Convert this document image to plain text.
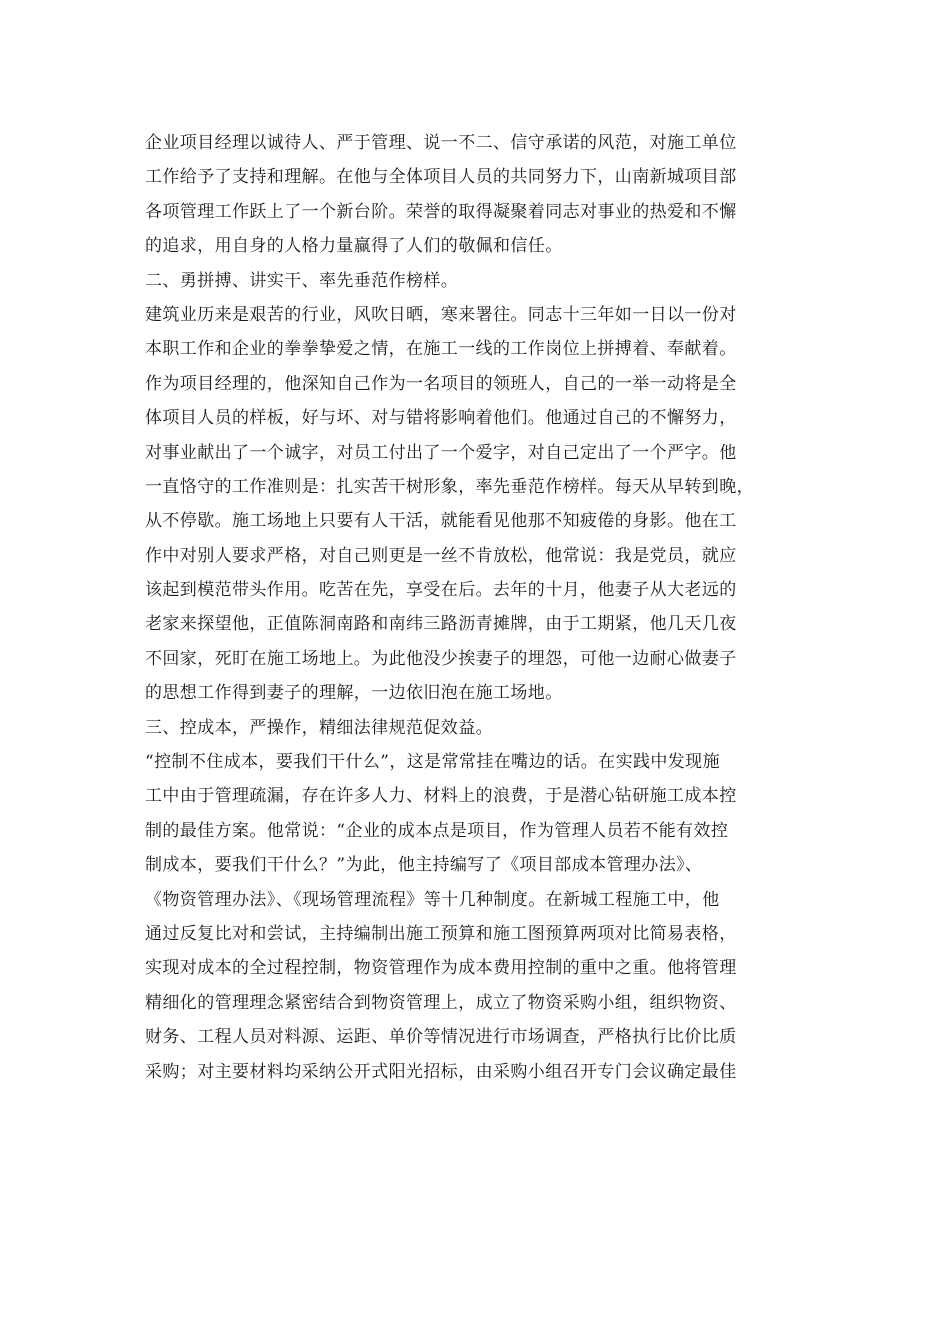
企业项目经理以诚待人、严于管理、说一不二、信守承诺的风范，对施工单位
工作给予了支持和理解。在他与全体项目人员的共同努力下，山南新城项目部
各项管理工作跃上了一个新台阶。荣誉的取得凝聚着同志对事业的热爱和不懈
的追求，用自身的人格力量赢得了人们的敬佩和信任。
二、勇拼搏、讲实干、率先垂范作榜样。
建筑业历来是艰苦的行业，风吹日晒，寒来署往。同志十三年如一日以一份对
本职工作和企业的拳拳挚爱之情，在施工一线的工作岗位上拼搏着、奉献着。
作为项目经理的，他深知自己作为一名项目的领班人，自己的一举一动将是全
体项目人员的样板，好与坏、对与错将影响着他们。他通过自己的不懈努力，
对事业献出了一个诚字，对员工付出了一个爱字，对自己定出了一个严字。他
一直恪守的工作准则是：扎实苦干树形象，率先垂范作榜样。每天从早转到晚，
从不停歇。施工场地上只要有人干活，就能看见他那不知疲倦的身影。他在工
作中对别人要求严格，对自己则更是一丝不肯放松，他常说：我是党员，就应
该起到模范带头作用。吃苦在先，享受在后。去年的十月，他妻子从大老远的
老家来探望他，正值陈洞南路和南纬三路沥青摊牌，由于工期紧，他几天几夜
不回家，死盯在施工场地上。为此他没少挨妻子的埋怨，可他一边耐心做妻子
的思想工作得到妻子的理解，一边依旧泡在施工场地。
三、控成本，严操作，精细法律规范促效益。
“控制不住成本，要我们干什么”，这是常常挂在嘴边的话。在实践中发现施
工中由于管理疏漏，存在许多人力、材料上的浪费，于是潜心钻研施工成本控
制的最佳方案。他常说：“企业的成本点是项目，作为管理人员若不能有效控
制成本，要我们干什么？”为此，他主持编写了《项目部成本管理办法》、
《物资管理办法》、《现场管理流程》等十几种制度。在新城工程施工中，他
通过反复比对和尝试，主持编制出施工预算和施工图预算两项对比简易表格，
实现对成本的全过程控制，物资管理作为成本费用控制的重中之重。他将管理
精细化的管理理念紧密结合到物资管理上，成立了物资采购小组，组织物资、
财务、工程人员对料源、运距、单价等情况进行市场调查，严格执行比价比质
采购；对主要材料均采纳公开式阳光招标，由采购小组召开专门会议确定最佳
